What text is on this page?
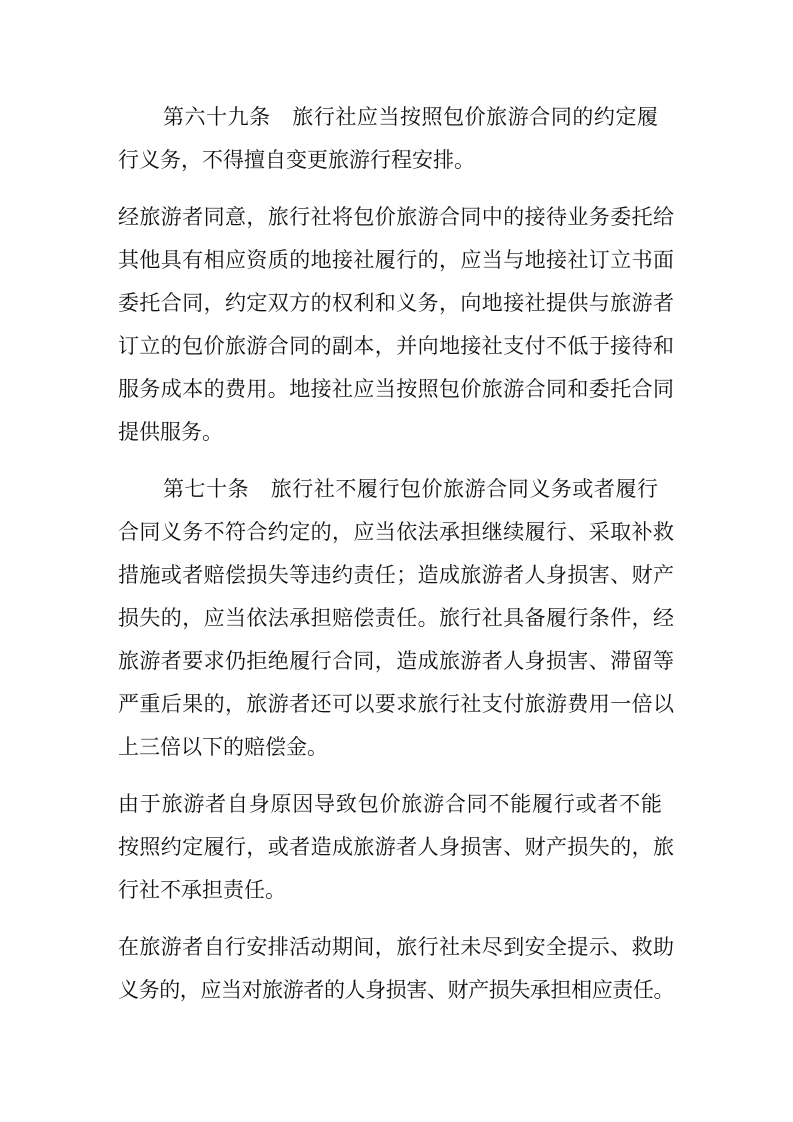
第六十九条　旅行社应当按照包价旅游合同的约定履
行义务，不得擅自变更旅游行程安排。
经旅游者同意，旅行社将包价旅游合同中的接待业务委托给
其他具有相应资质的地接社履行的，应当与地接社订立书面
委托合同，约定双方的权利和义务，向地接社提供与旅游者
订立的包价旅游合同的副本，并向地接社支付不低于接待和
服务成本的费用。地接社应当按照包价旅游合同和委托合同
提供服务。
第七十条　旅行社不履行包价旅游合同义务或者履行
合同义务不符合约定的，应当依法承担继续履行、采取补救
措施或者赔偿损失等违约责任；造成旅游者人身损害、财产
损失的，应当依法承担赔偿责任。旅行社具备履行条件，经
旅游者要求仍拒绝履行合同，造成旅游者人身损害、滞留等
严重后果的，旅游者还可以要求旅行社支付旅游费用一倍以
上三倍以下的赔偿金。
由于旅游者自身原因导致包价旅游合同不能履行或者不能
按照约定履行，或者造成旅游者人身损害、财产损失的，旅
行社不承担责任。
在旅游者自行安排活动期间，旅行社未尽到安全提示、救助
义务的，应当对旅游者的人身损害、财产损失承担相应责任。
